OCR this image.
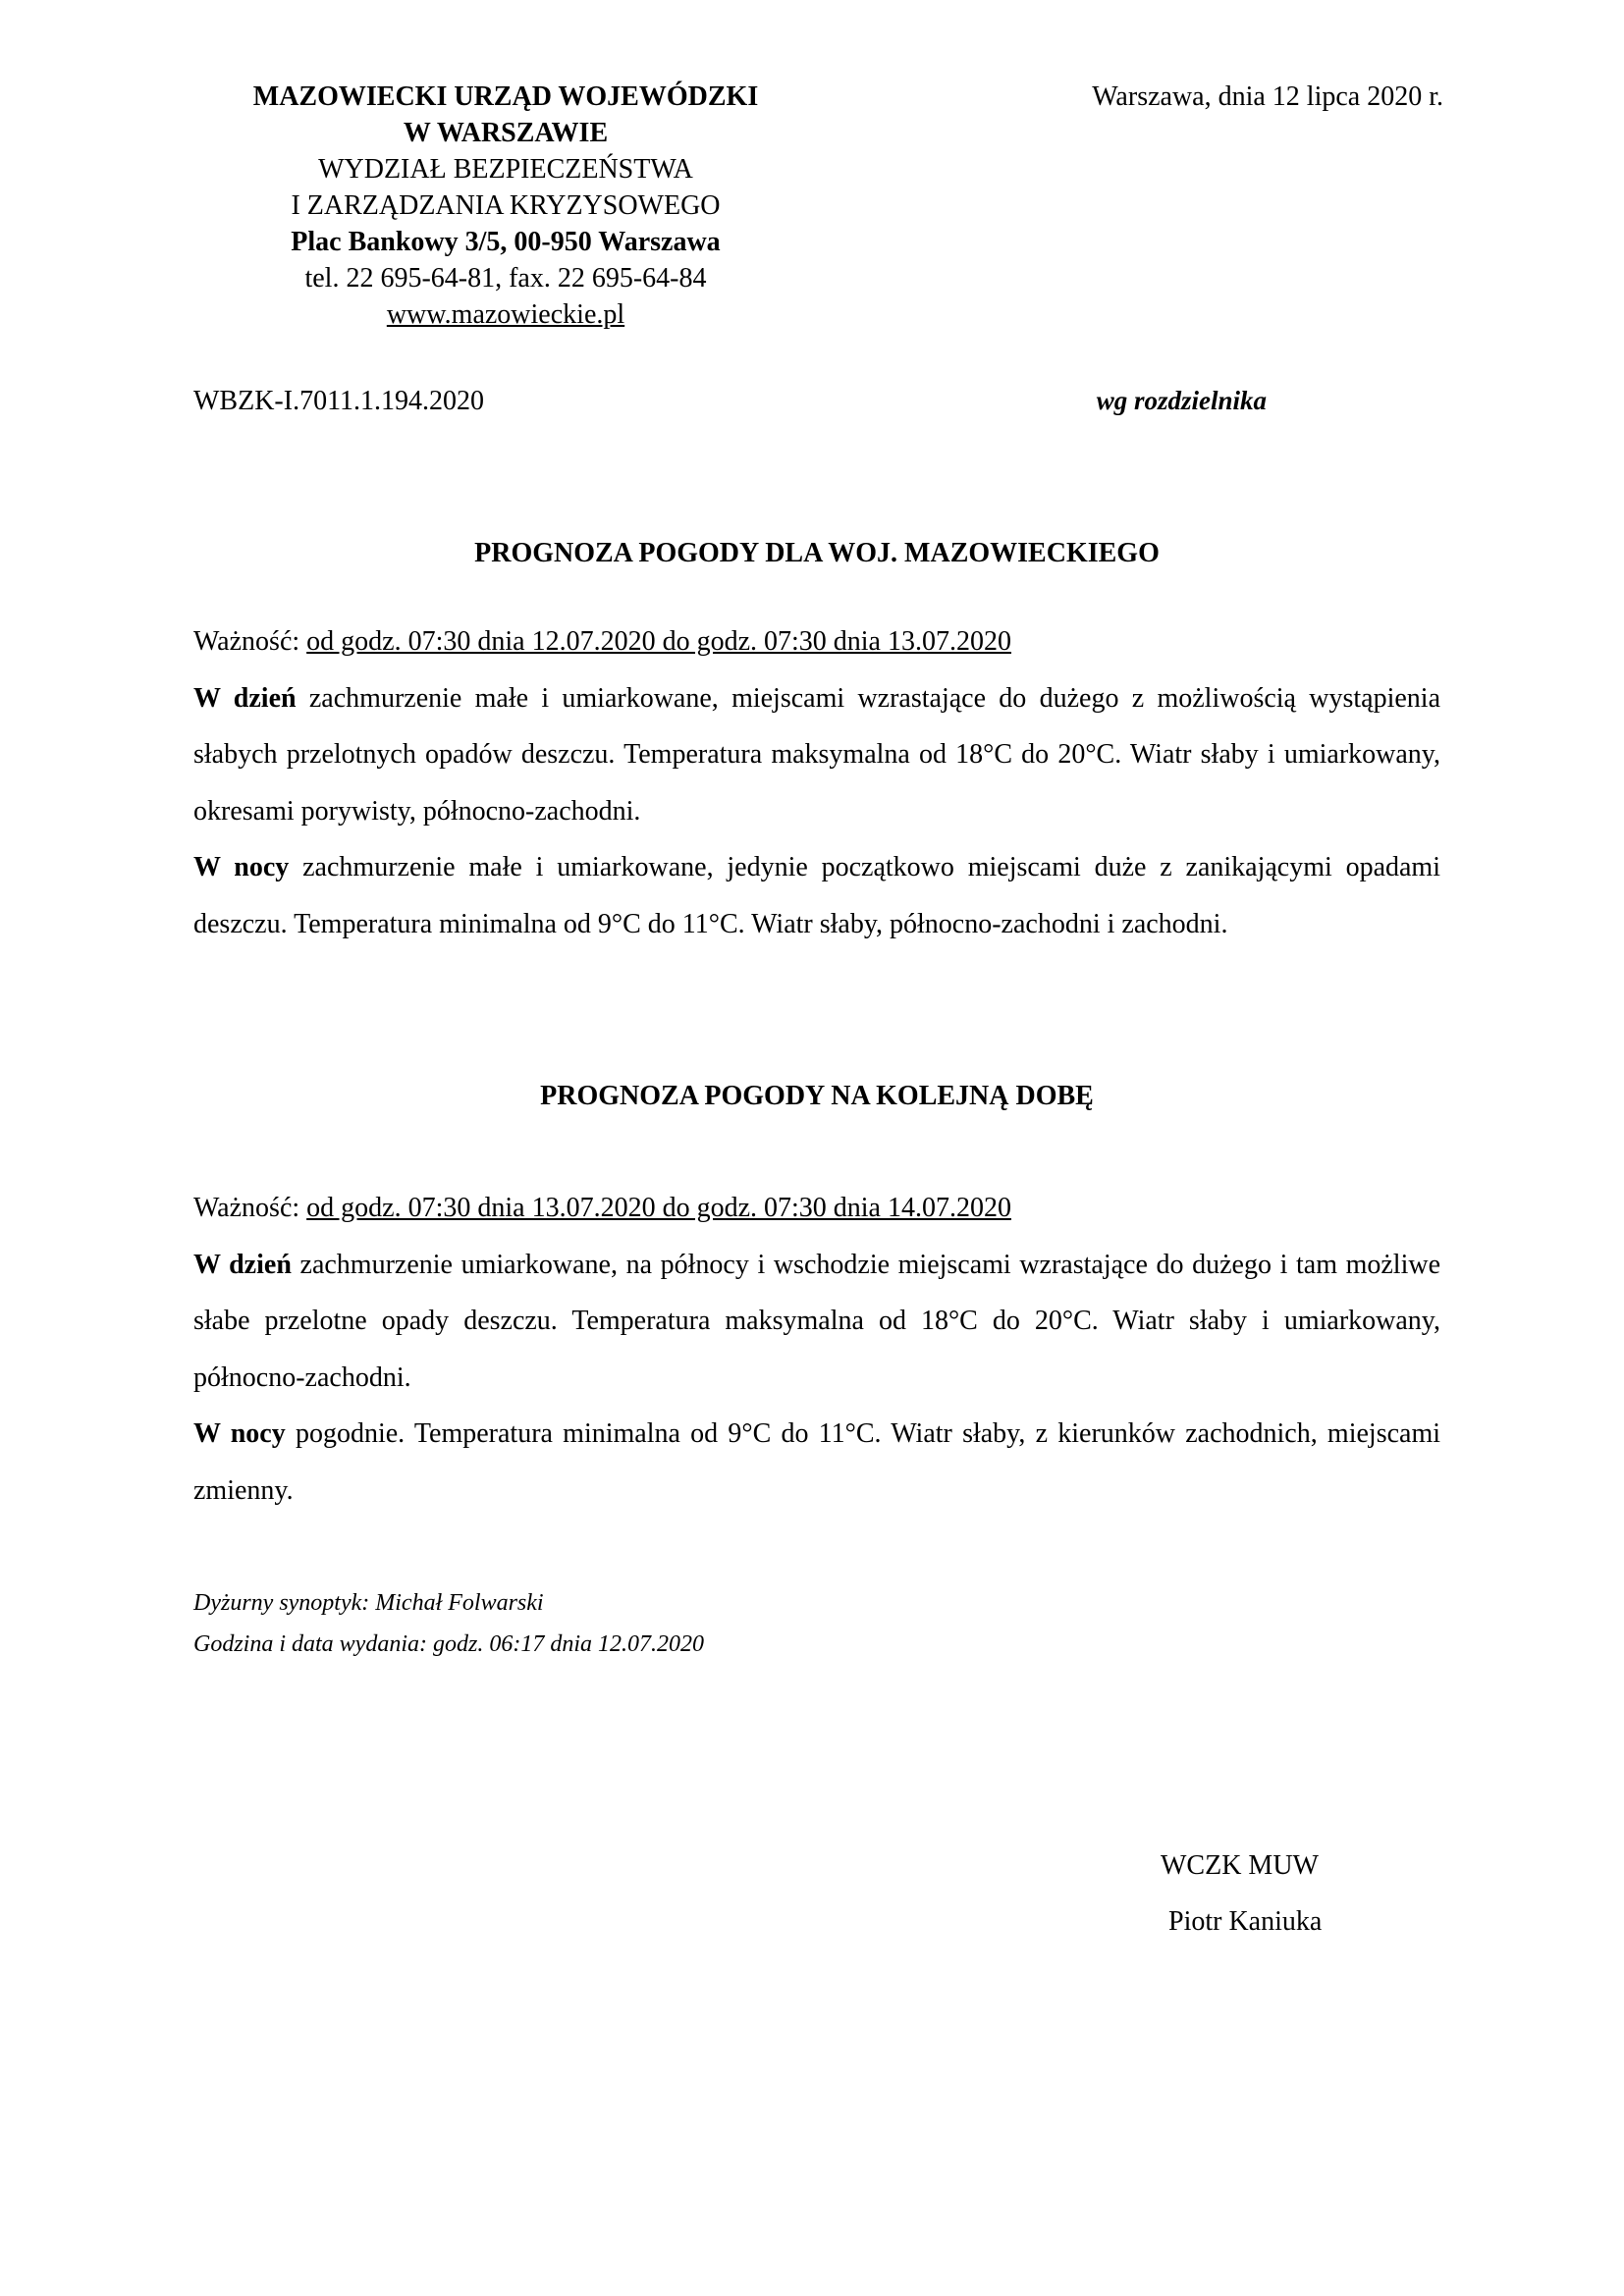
MAZOWIECKI URZĄD WOJEWÓDZKI
W WARSZAWIE
WYDZIAŁ BEZPIECZEŃSTWA
I ZARZĄDZANIA KRYZYSOWEGO
Plac Bankowy 3/5, 00-950 Warszawa
tel. 22 695-64-81, fax. 22 695-64-84
www.mazowieckie.pl
Warszawa, dnia 12 lipca 2020 r.
WBZK-I.7011.1.194.2020	wg rozdzielnika
PROGNOZA POGODY DLA WOJ. MAZOWIECKIEGO

Ważność: od godz. 07:30 dnia 12.07.2020 do godz. 07:30 dnia 13.07.2020

W dzień zachmurzenie małe i umiarkowane, miejscami wzrastające do dużego z możliwością wystąpienia słabych przelotnych opadów deszczu. Temperatura maksymalna od 18°C do 20°C. Wiatr słaby i umiarkowany, okresami porywisty, północno-zachodni.

W nocy zachmurzenie małe i umiarkowane, jedynie początkowo miejscami duże z zanikającymi opadami deszczu. Temperatura minimalna od 9°C do 11°C. Wiatr słaby, północno-zachodni i zachodni.

PROGNOZA POGODY NA KOLEJNĄ DOBĘ

Ważność: od godz. 07:30 dnia 13.07.2020 do godz. 07:30 dnia 14.07.2020

W dzień zachmurzenie umiarkowane, na północy i wschodzie miejscami wzrastające do dużego i tam możliwe słabe przelotne opady deszczu. Temperatura maksymalna od 18°C do 20°C. Wiatr słaby i umiarkowany, północno-zachodni.

W nocy pogodnie. Temperatura minimalna od 9°C do 11°C. Wiatr słaby, z kierunków zachodnich, miejscami zmienny.

Dyżurny synoptyk: Michał Folwarski

Godzina i data wydania: godz. 06:17 dnia 12.07.2020

WCZK MUW

Piotr Kaniuka
